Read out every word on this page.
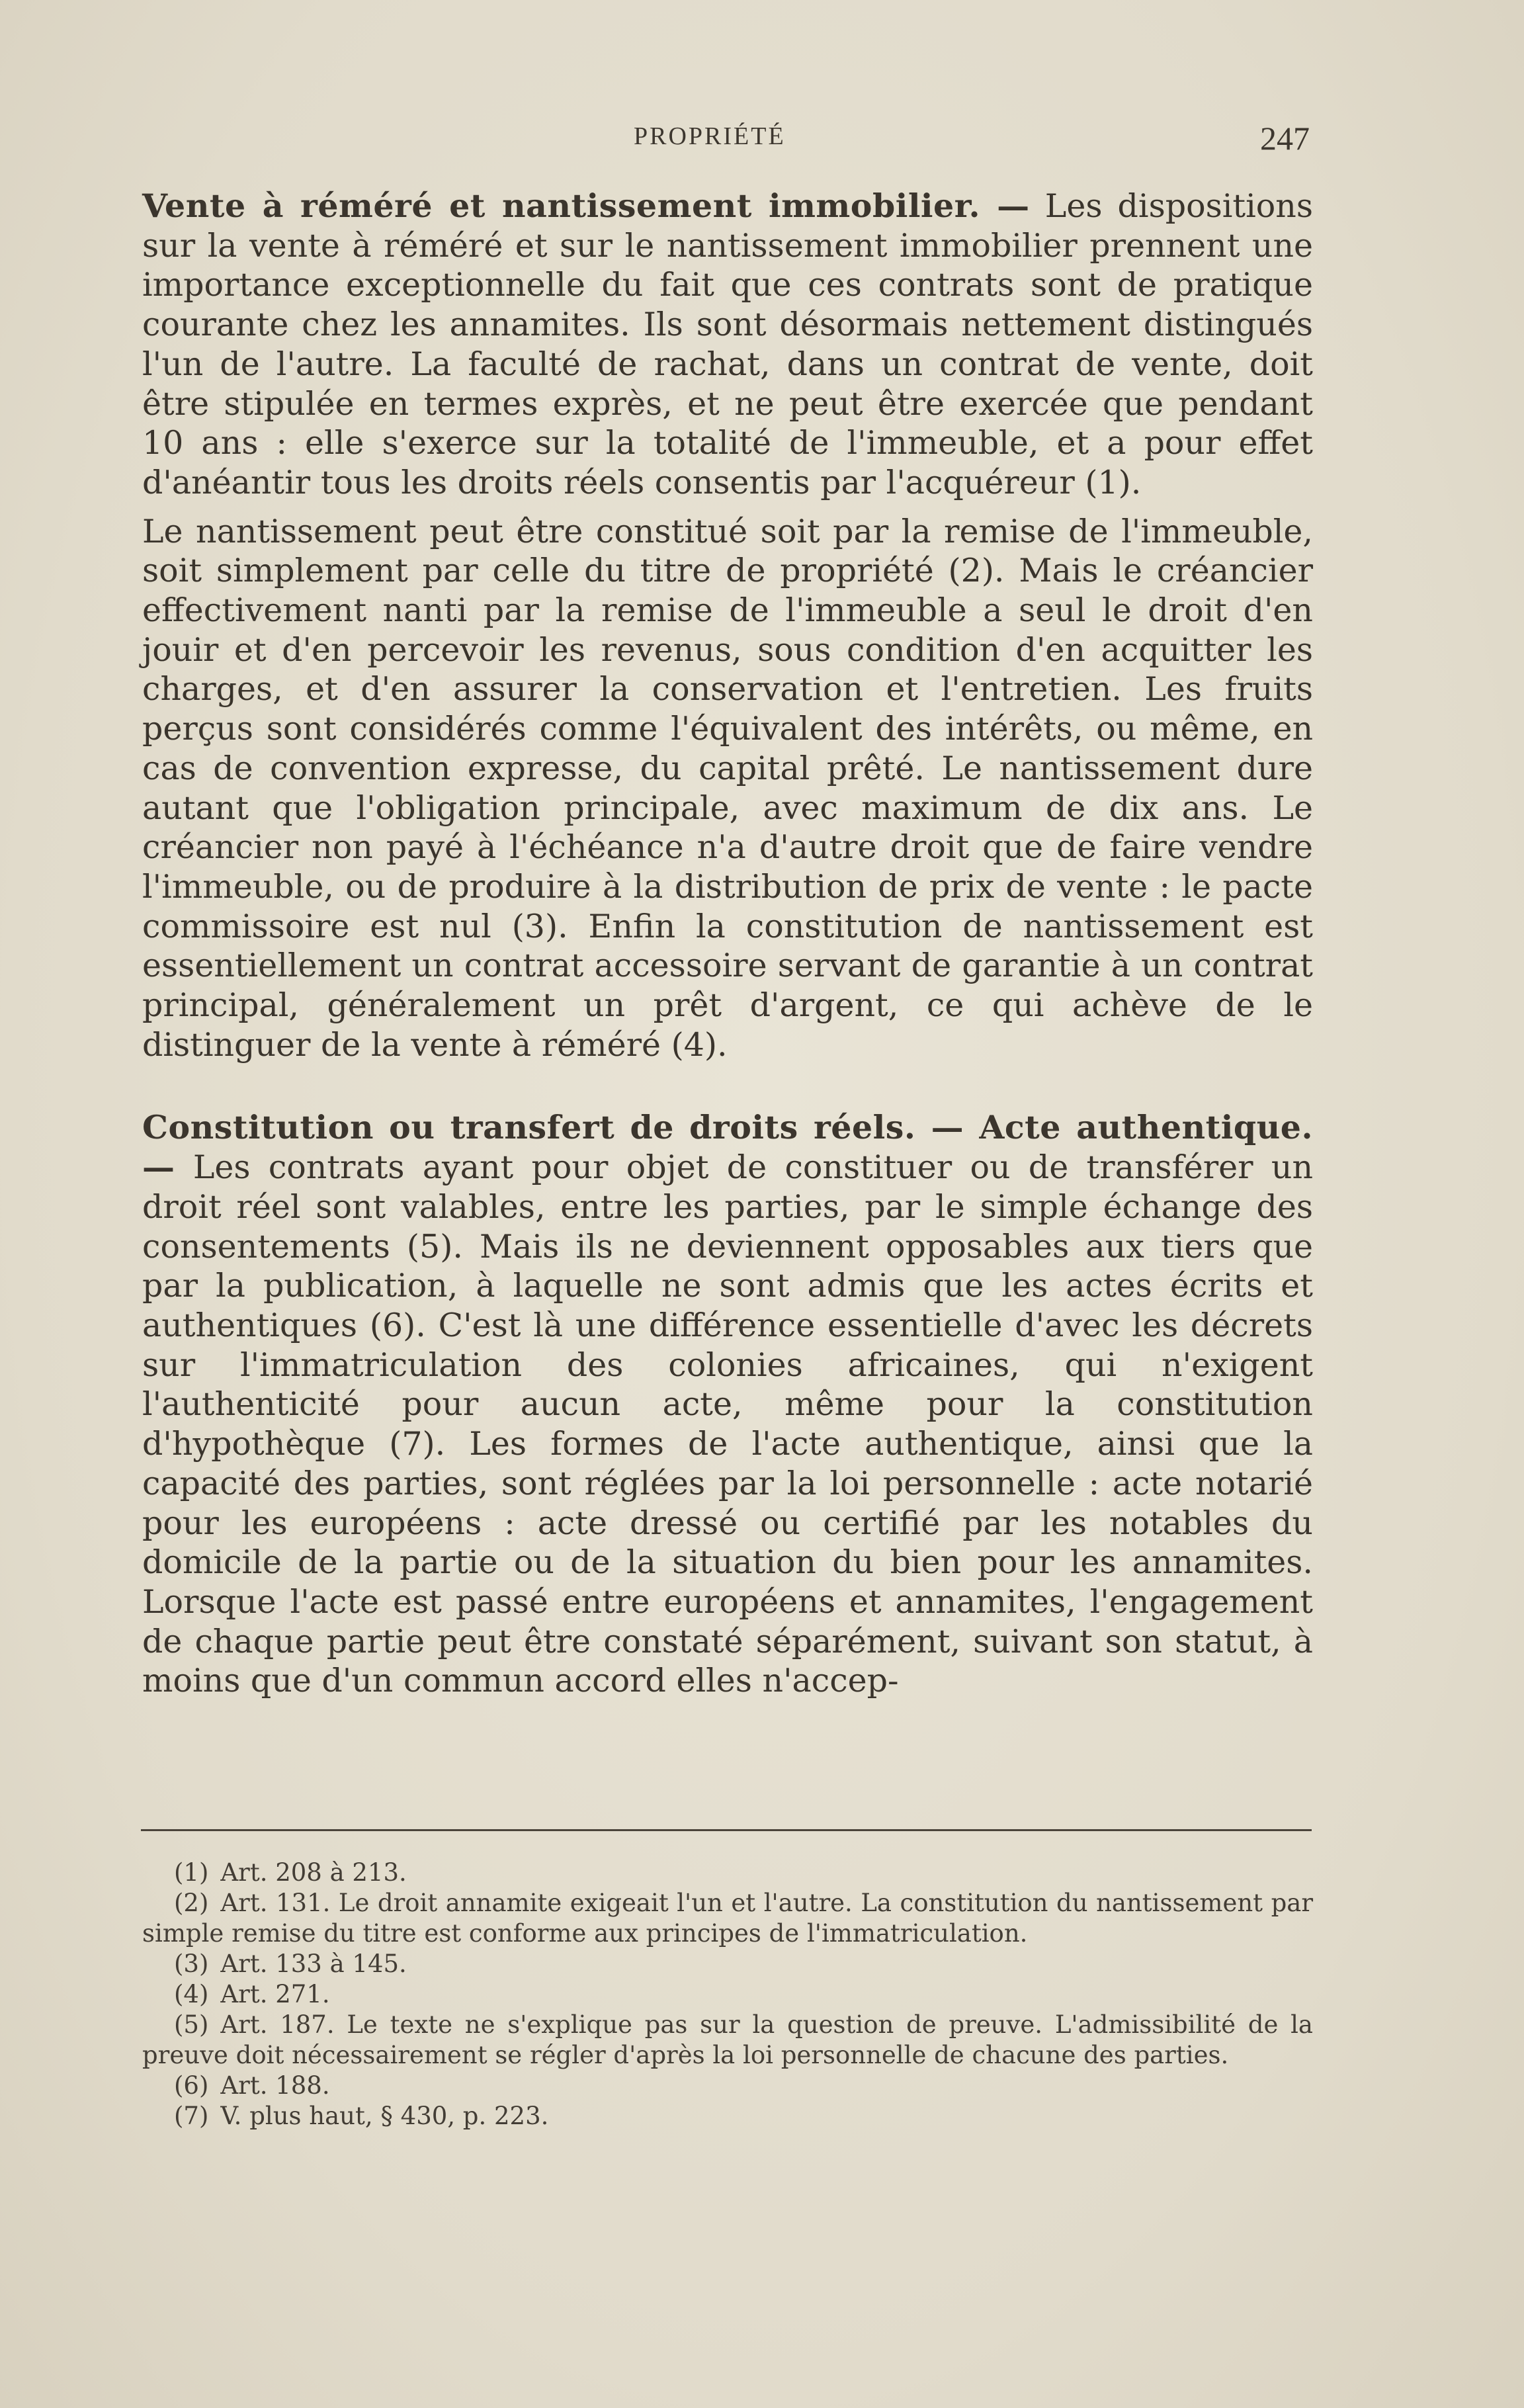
PROPRIÉTÉ	247

Vente à réméré et nantissement immobilier. — Les dispositions sur la vente à réméré et sur le nantissement immobilier prennent une importance exceptionnelle du fait que ces contrats sont de pratique courante chez les annamites. Ils sont désormais nettement distingués l'un de l'autre. La faculté de rachat, dans un contrat de vente, doit être stipulée en termes exprès, et ne peut être exercée que pendant 10 ans : elle s'exerce sur la totalité de l'immeuble, et a pour effet d'anéantir tous les droits réels consentis par l'acquéreur (1).

Le nantissement peut être constitué soit par la remise de l'immeuble, soit simplement par celle du titre de propriété (2). Mais le créancier effectivement nanti par la remise de l'immeuble a seul le droit d'en jouir et d'en percevoir les revenus, sous condition d'en acquitter les charges, et d'en assurer la conservation et l'entretien. Les fruits perçus sont considérés comme l'équivalent des intérêts, ou même, en cas de convention expresse, du capital prêté. Le nantissement dure autant que l'obligation principale, avec maximum de dix ans. Le créancier non payé à l'échéance n'a d'autre droit que de faire vendre l'immeuble, ou de produire à la distribution de prix de vente : le pacte commissoire est nul (3). Enfin la constitution de nantissement est essentiellement un contrat accessoire servant de garantie à un contrat principal, généralement un prêt d'argent, ce qui achève de le distinguer de la vente à réméré (4).

Constitution ou transfert de droits réels. — Acte authentique. — Les contrats ayant pour objet de constituer ou de transférer un droit réel sont valables, entre les parties, par le simple échange des consentements (5). Mais ils ne deviennent opposables aux tiers que par la publication, à laquelle ne sont admis que les actes écrits et authentiques (6). C'est là une différence essentielle d'avec les décrets sur l'immatriculation des colonies africaines, qui n'exigent l'authenticité pour aucun acte, même pour la constitution d'hypothèque (7). Les formes de l'acte authentique, ainsi que la capacité des parties, sont réglées par la loi personnelle : acte notarié pour les européens : acte dressé ou certifié par les notables du domicile de la partie ou de la situation du bien pour les annamites. Lorsque l'acte est passé entre européens et annamites, l'engagement de chaque partie peut être constaté séparément, suivant son statut, à moins que d'un commun accord elles n'accep-

(1) Art. 208 à 213.

(2) Art. 131. Le droit annamite exigeait l'un et l'autre. La constitution du nantissement par simple remise du titre est conforme aux principes de l'immatriculation.

(3) Art. 133 à 145.

(4) Art. 271.

(5) Art. 187. Le texte ne s'explique pas sur la question de preuve. L'admissibilité de la preuve doit nécessairement se régler d'après la loi personnelle de chacune des parties.

(6) Art. 188.

(7) V. plus haut, § 430, p. 223.
